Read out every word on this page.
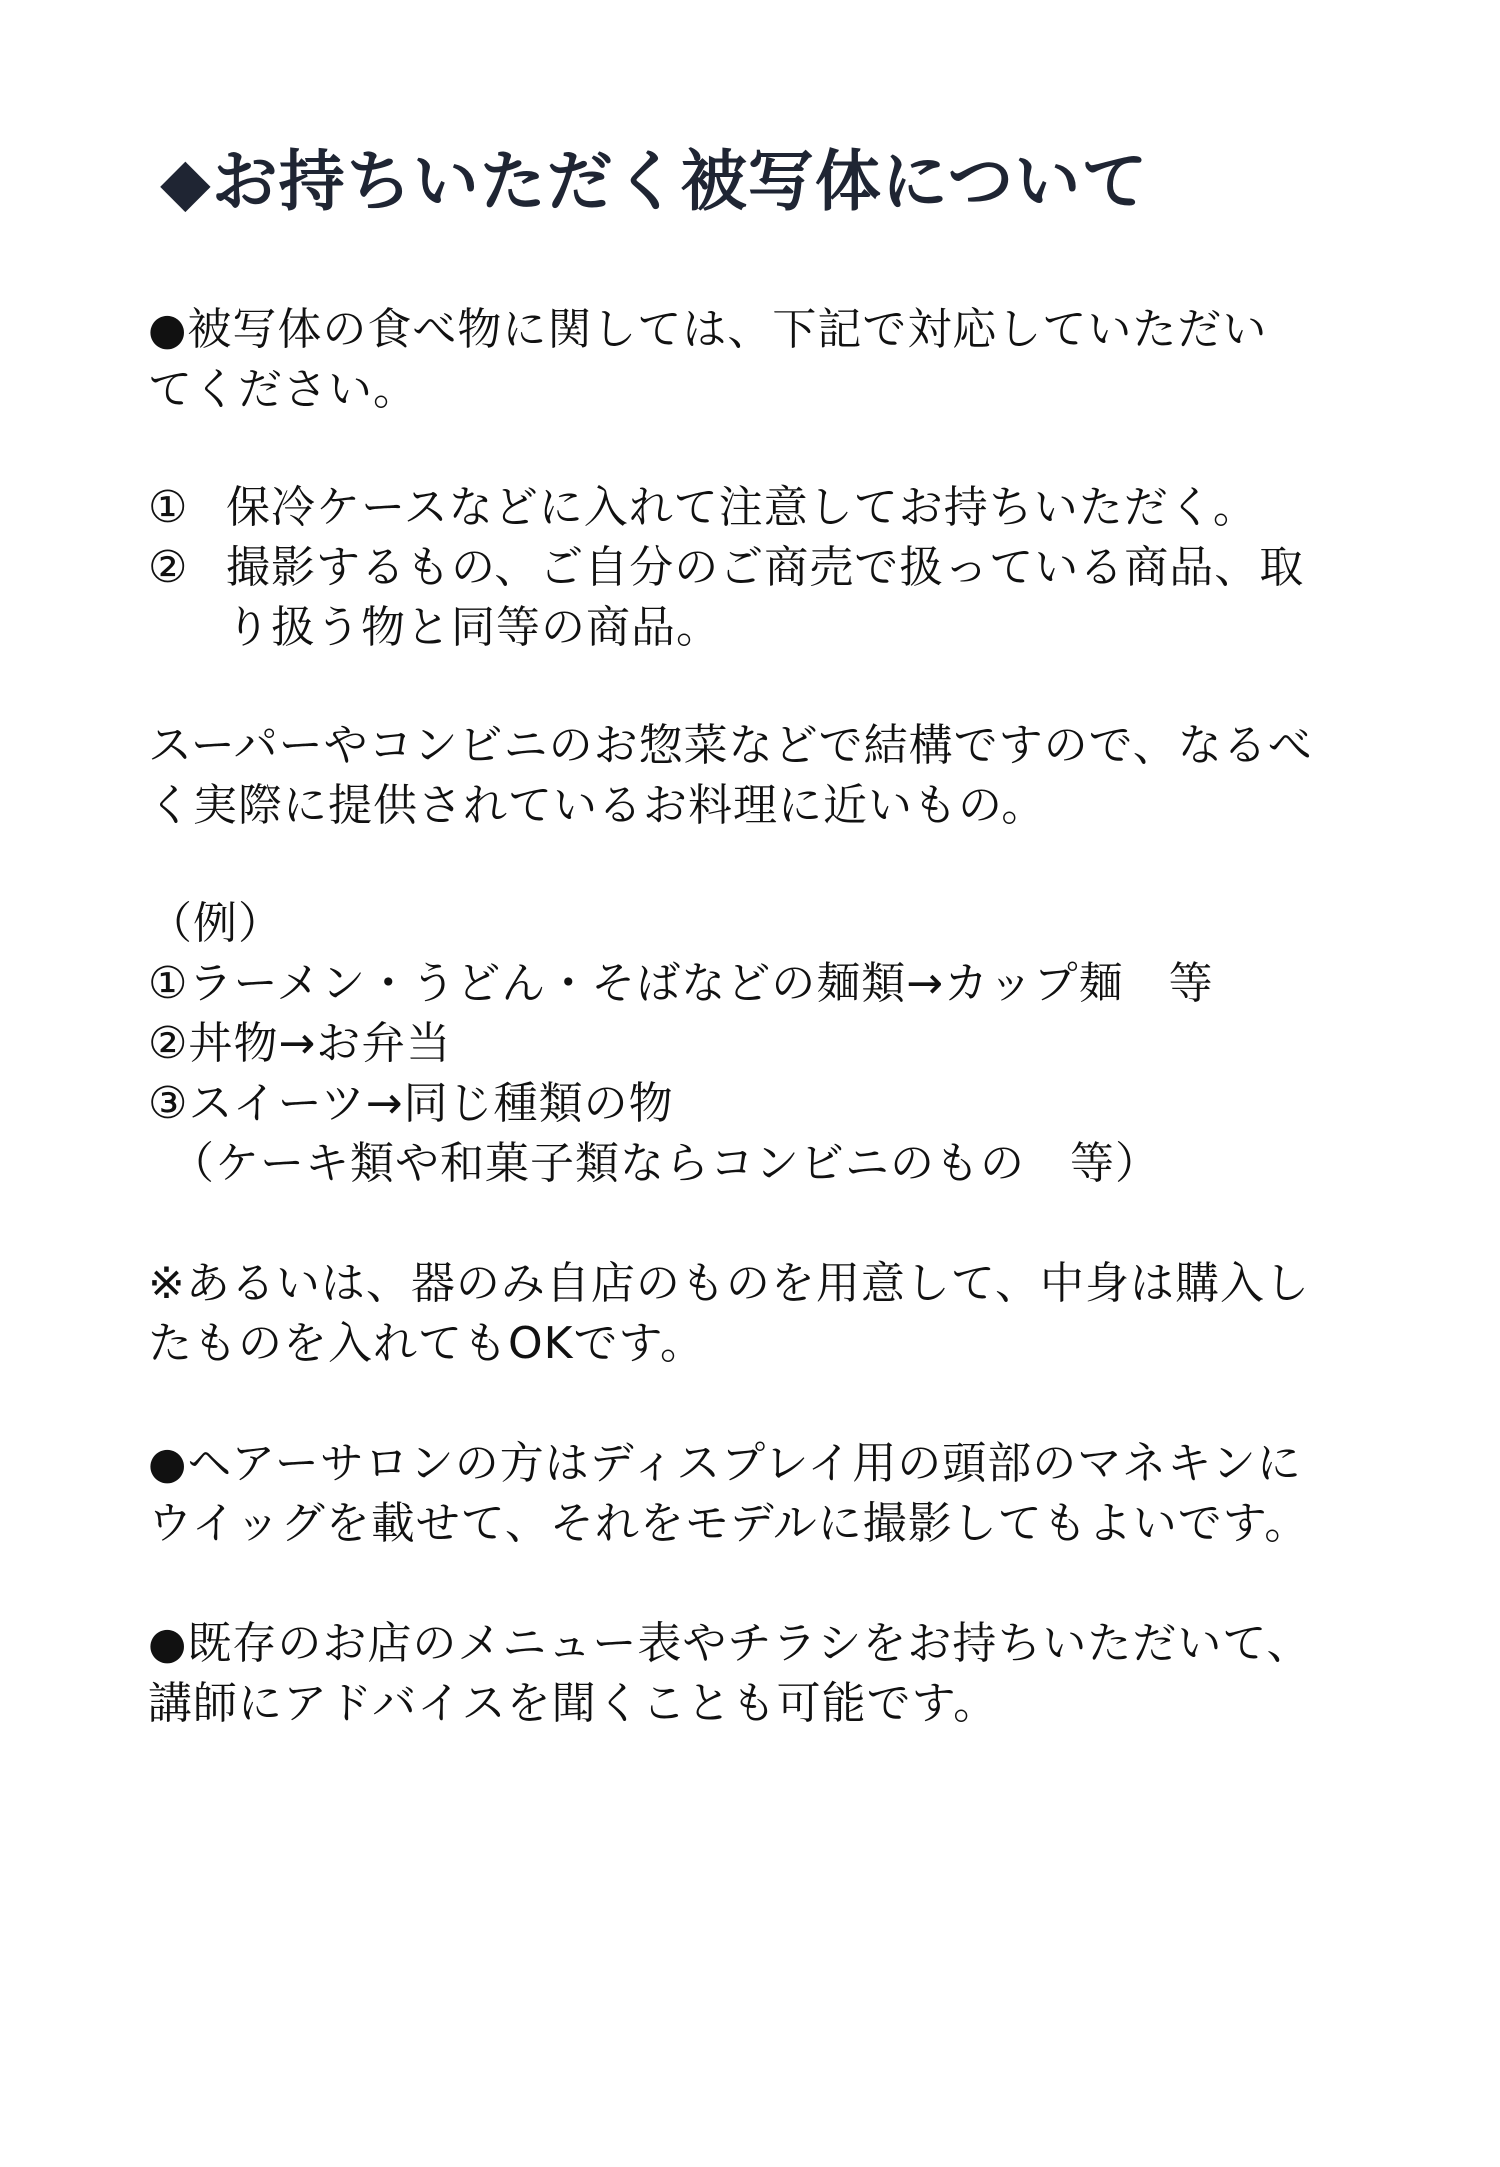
◆お持ちいただく被写体について
●被写体の食べ物に関しては、下記で対応していただい
てください。
① 保冷ケースなどに入れて注意してお持ちいただく。
② 撮影するもの、ご自分のご商売で扱っている商品、取
り扱う物と同等の商品。
スーパーやコンビニのお惣菜などで結構ですので、なるべ
く実際に提供されているお料理に近いもの。
（例）
①ラーメン・うどん・そばなどの麺類→カップ麺　等
②丼物→お弁当
③スイーツ→同じ種類の物
（ケーキ類や和菓子類ならコンビニのもの　等）
※あるいは、器のみ自店のものを用意して、中身は購入し
たものを入れてもOKです。
●ヘアーサロンの方はディスプレイ用の頭部のマネキンに
ウイッグを載せて、それをモデルに撮影してもよいです。
●既存のお店のメニュー表やチラシをお持ちいただいて、
講師にアドバイスを聞くことも可能です。
